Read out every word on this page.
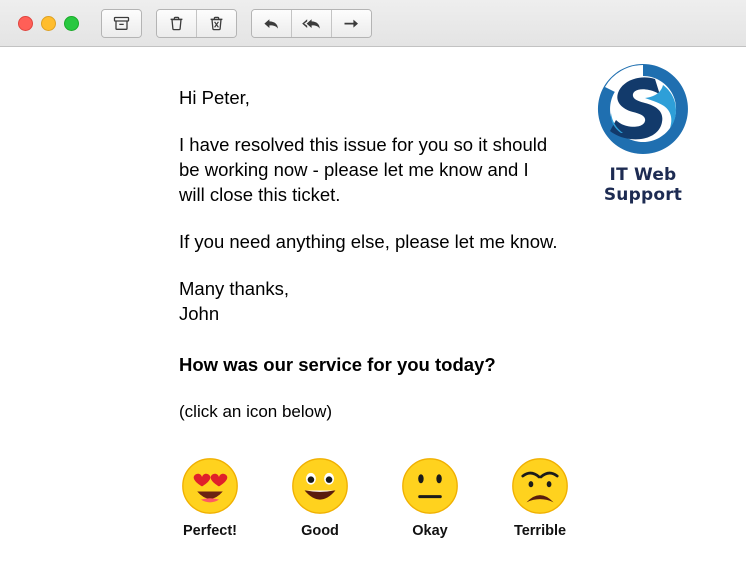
Hi Peter,

I have resolved this issue for you so it should be working now - please let me know and I will close this ticket.

If you need anything else, please let me know.

Many thanks,
John

How was our service for you today?

(click an icon below)

IT Web Support
Perfect!	Good	Okay	Terrible
